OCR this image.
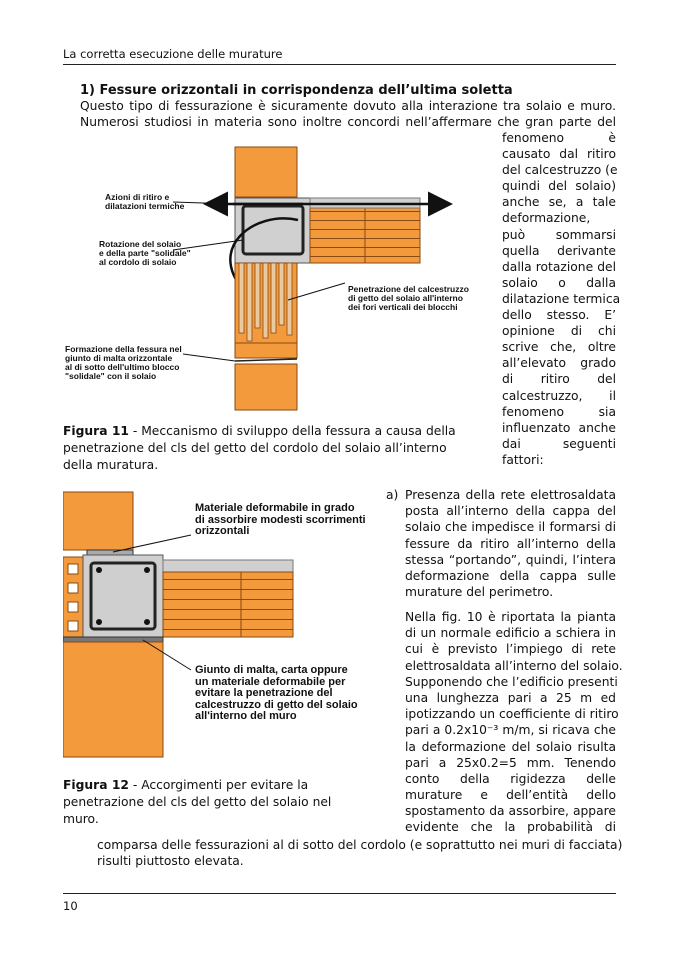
La corretta esecuzione delle murature
1) Fessure orizzontali in corrispondenza dell’ultima soletta
Questo tipo di fessurazione è sicuramente dovuto alla interazione tra solaio e muro.
Numerosi studiosi in materia sono inoltre concordi nell’affermare che gran parte del
fenomeno è
causato dal ritiro
del calcestruzzo (e
quindi del solaio)
anche se, a tale
deformazione,
può sommarsi
quella derivante
dalla rotazione del
solaio o dalla
dilatazione termica
dello stesso. E’
opinione di chi
scrive che, oltre
all’elevato grado
di ritiro del
calcestruzzo, il
fenomeno sia
influenzato anche
dai seguenti
fattori:
Azioni di ritiro e
dilatazioni termiche
Rotazione del solaio
e della parte "solidale"
al cordolo di solaio
Penetrazione del calcestruzzo
di getto del solaio all'interno
dei fori verticali dei blocchi
Formazione della fessura nel
giunto di malta orizzontale
al di sotto dell'ultimo blocco
"solidale" con il solaio
Figura 11 - Meccanismo di sviluppo della fessura a causa della penetrazione del cls del getto del cordolo del solaio all’interno della muratura.
Materiale deformabile in grado
di assorbire modesti scorrimenti
orizzontali
Giunto di malta, carta oppure
un materiale deformabile per
evitare la penetrazione del
calcestruzzo di getto del solaio
all'interno del muro
Figura 12 - Accorgimenti per evitare la penetrazione del cls del getto del solaio nel muro.
a) Presenza della rete elettrosaldata
posta all’interno della cappa del
solaio che impedisce il formarsi di
fessure da ritiro all’interno della
stessa “portando”, quindi, l’intera
deformazione della cappa sulle
murature del perimetro.
Nella fig. 10 è riportata la pianta
di un normale edificio a schiera in
cui è previsto l’impiego di rete
elettrosaldata all’interno del solaio.
Supponendo che l’edificio presenti
una lunghezza pari a 25 m ed
ipotizzando un coefficiente di ritiro
pari a 0.2x10⁻³ m/m, si ricava che
la deformazione del solaio risulta
pari a 25x0.2=5 mm. Tenendo
conto della rigidezza delle
murature e dell’entità dello
spostamento da assorbire, appare
evidente che la probabilità di
comparsa delle fessurazioni al di sotto del cordolo (e soprattutto nei muri di facciata)
risulti piuttosto elevata.
10
